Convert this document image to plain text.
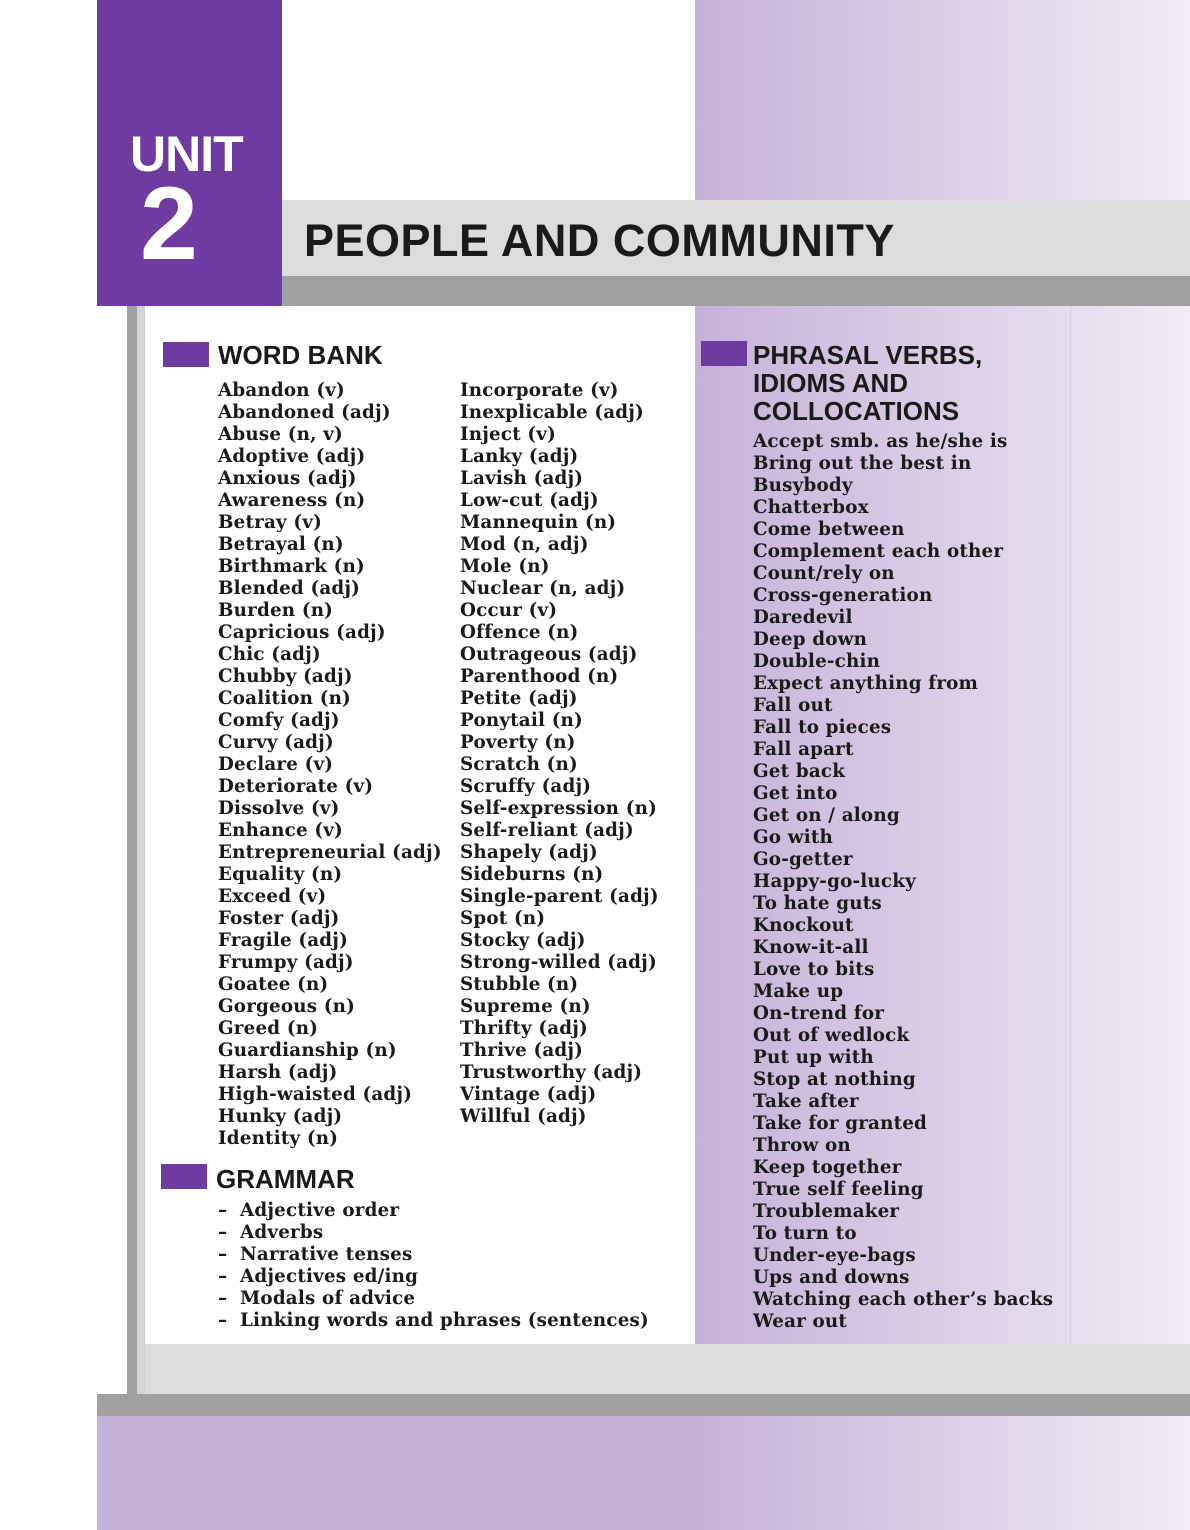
UNIT
2	PEOPLE AND COMMUNITY
WORD BANK
Abandon (v)
Abandoned (adj)
Abuse (n, v)
Adoptive (adj)
Anxious (adj)
Awareness (n)
Betray (v)
Betrayal (n)
Birthmark (n)
Blended (adj)
Burden (n)
Capricious (adj)
Chic (adj)
Chubby (adj)
Coalition (n)
Comfy (adj)
Curvy (adj)
Declare (v)
Deteriorate (v)
Dissolve (v)
Enhance (v)
Entrepreneurial (adj)
Equality (n)
Exceed (v)
Foster (adj)
Fragile (adj)
Frumpy (adj)
Goatee (n)
Gorgeous (n)
Greed (n)
Guardianship (n)
Harsh (adj)
High-waisted (adj)
Hunky (adj)
Identity (n)
Incorporate (v)
Inexplicable (adj)
Inject (v)
Lanky (adj)
Lavish (adj)
Low-cut (adj)
Mannequin (n)
Mod (n, adj)
Mole (n)
Nuclear (n, adj)
Occur (v)
Offence (n)
Outrageous (adj)
Parenthood (n)
Petite (adj)
Ponytail (n)
Poverty (n)
Scratch (n)
Scruffy (adj)
Self-expression (n)
Self-reliant (adj)
Shapely (adj)
Sideburns (n)
Single-parent (adj)
Spot (n)
Stocky (adj)
Strong-willed (adj)
Stubble (n)
Supreme (n)
Thrifty (adj)
Thrive (adj)
Trustworthy (adj)
Vintage (adj)
Willful (adj)
GRAMMAR
– Adjective order
– Adverbs
– Narrative tenses
– Adjectives ed/ing
– Modals of advice
– Linking words and phrases (sentences)
PHRASAL VERBS,
IDIOMS AND
COLLOCATIONS
Accept smb. as he/she is
Bring out the best in
Busybody
Chatterbox
Come between
Complement each other
Count/rely on
Cross-generation
Daredevil
Deep down
Double-chin
Expect anything from
Fall out
Fall to pieces
Fall apart
Get back
Get into
Get on / along
Go with
Go-getter
Happy-go-lucky
To hate guts
Knockout
Know-it-all
Love to bits
Make up
On-trend for
Out of wedlock
Put up with
Stop at nothing
Take after
Take for granted
Throw on
Keep together
True self feeling
Troublemaker
To turn to
Under-eye-bags
Ups and downs
Watching each other’s backs
Wear out
